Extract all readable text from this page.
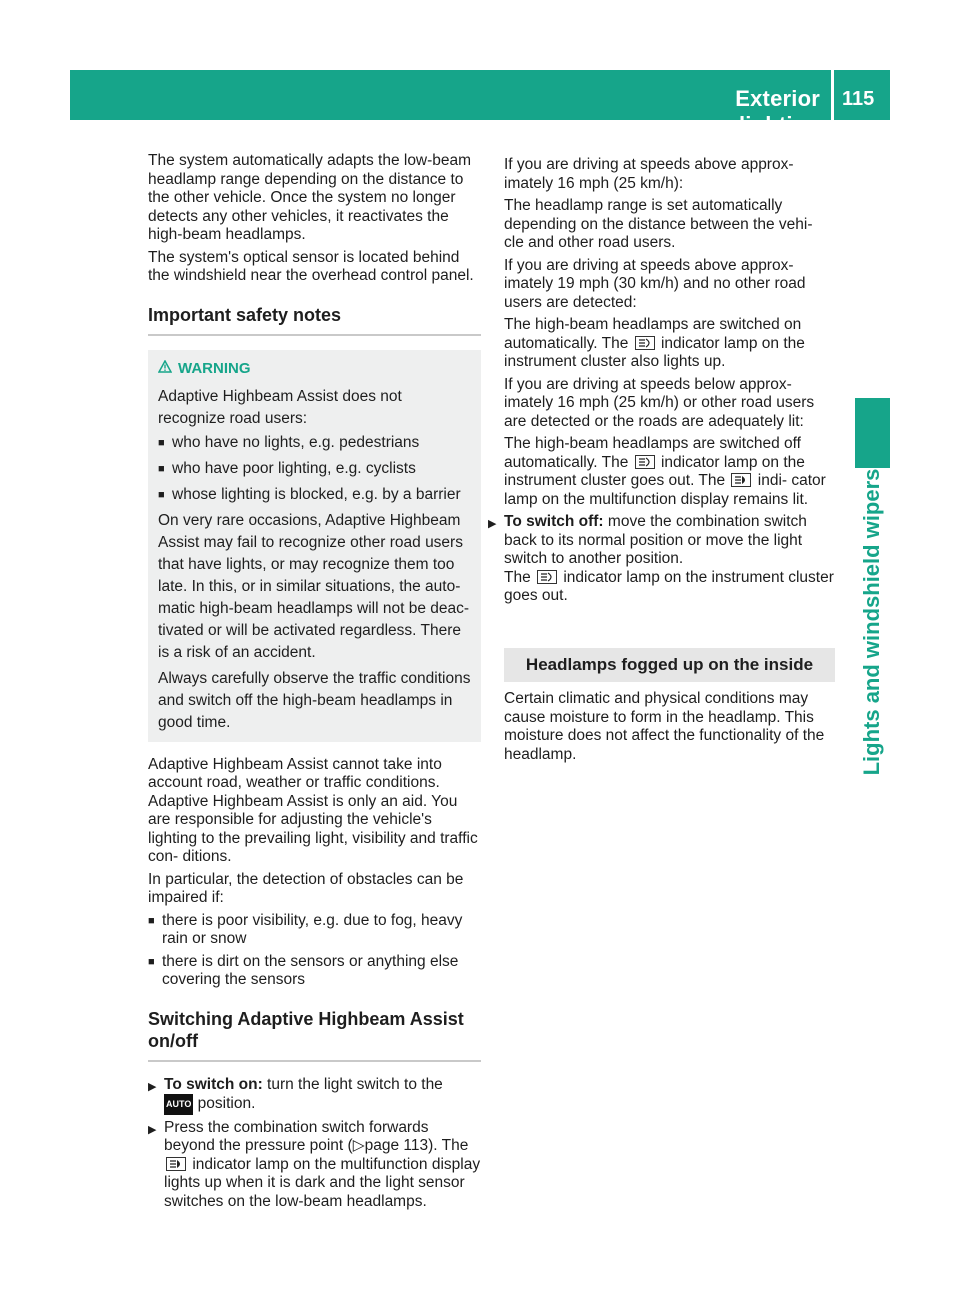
Exterior lighting
115
Lights and windshield wipers

The system automatically adapts the low-beam headlamp range depending on the distance to the other vehicle. Once the system no longer detects any other vehicles, it reactivates the high-beam headlamps.

The system's optical sensor is located behind the windshield near the overhead control panel.

Important safety notes
WARNING
Adaptive Highbeam Assist does not recognize road users:
■ who have no lights, e.g. pedestrians
■ who have poor lighting, e.g. cyclists
■ whose lighting is blocked, e.g. by a barrier
On very rare occasions, Adaptive Highbeam Assist may fail to recognize other road users that have lights, or may recognize them too late. In this, or in similar situations, the auto- matic high-beam headlamps will not be deac- tivated or will be activated regardless. There is a risk of an accident.
Always carefully observe the traffic conditions and switch off the high-beam headlamps in good time.

Adaptive Highbeam Assist cannot take into account road, weather or traffic conditions. Adaptive Highbeam Assist is only an aid. You are responsible for adjusting the vehicle's lighting to the prevailing light, visibility and traffic con- ditions.

In particular, the detection of obstacles can be impaired if:

■ there is poor visibility, e.g. due to fog, heavy rain or snow
■ there is dirt on the sensors or anything else covering the sensors
Switching Adaptive Highbeam Assist on/off
▶ To switch on: turn the light switch to the
AUTO position.
▶ Press the combination switch forwards beyond the pressure point (▷page 113). The
indicator lamp on the multifunction display lights up when it is dark and the light sensor switches on the low-beam headlamps.

If you are driving at speeds above approx- imately 16 mph (25 km/h):

The headlamp range is set automatically depending on the distance between the vehi- cle and other road users.

If you are driving at speeds above approx- imately 19 mph (30 km/h) and no other road users are detected:

The high-beam headlamps are switched on automatically. The indicator lamp on the instrument cluster also lights up.

If you are driving at speeds below approx- imately 16 mph (25 km/h) or other road users are detected or the roads are adequately lit:

The high-beam headlamps are switched off automatically. The indicator lamp on the instrument cluster goes out. The indi- cator lamp on the multifunction display remains lit.

▶ To switch off: move the combination switch back to its normal position or move the light switch to another position.
The indicator lamp on the instrument cluster goes out.
Headlamps fogged up on the inside

Certain climatic and physical conditions may cause moisture to form in the headlamp. This moisture does not affect the functionality of the headlamp.
